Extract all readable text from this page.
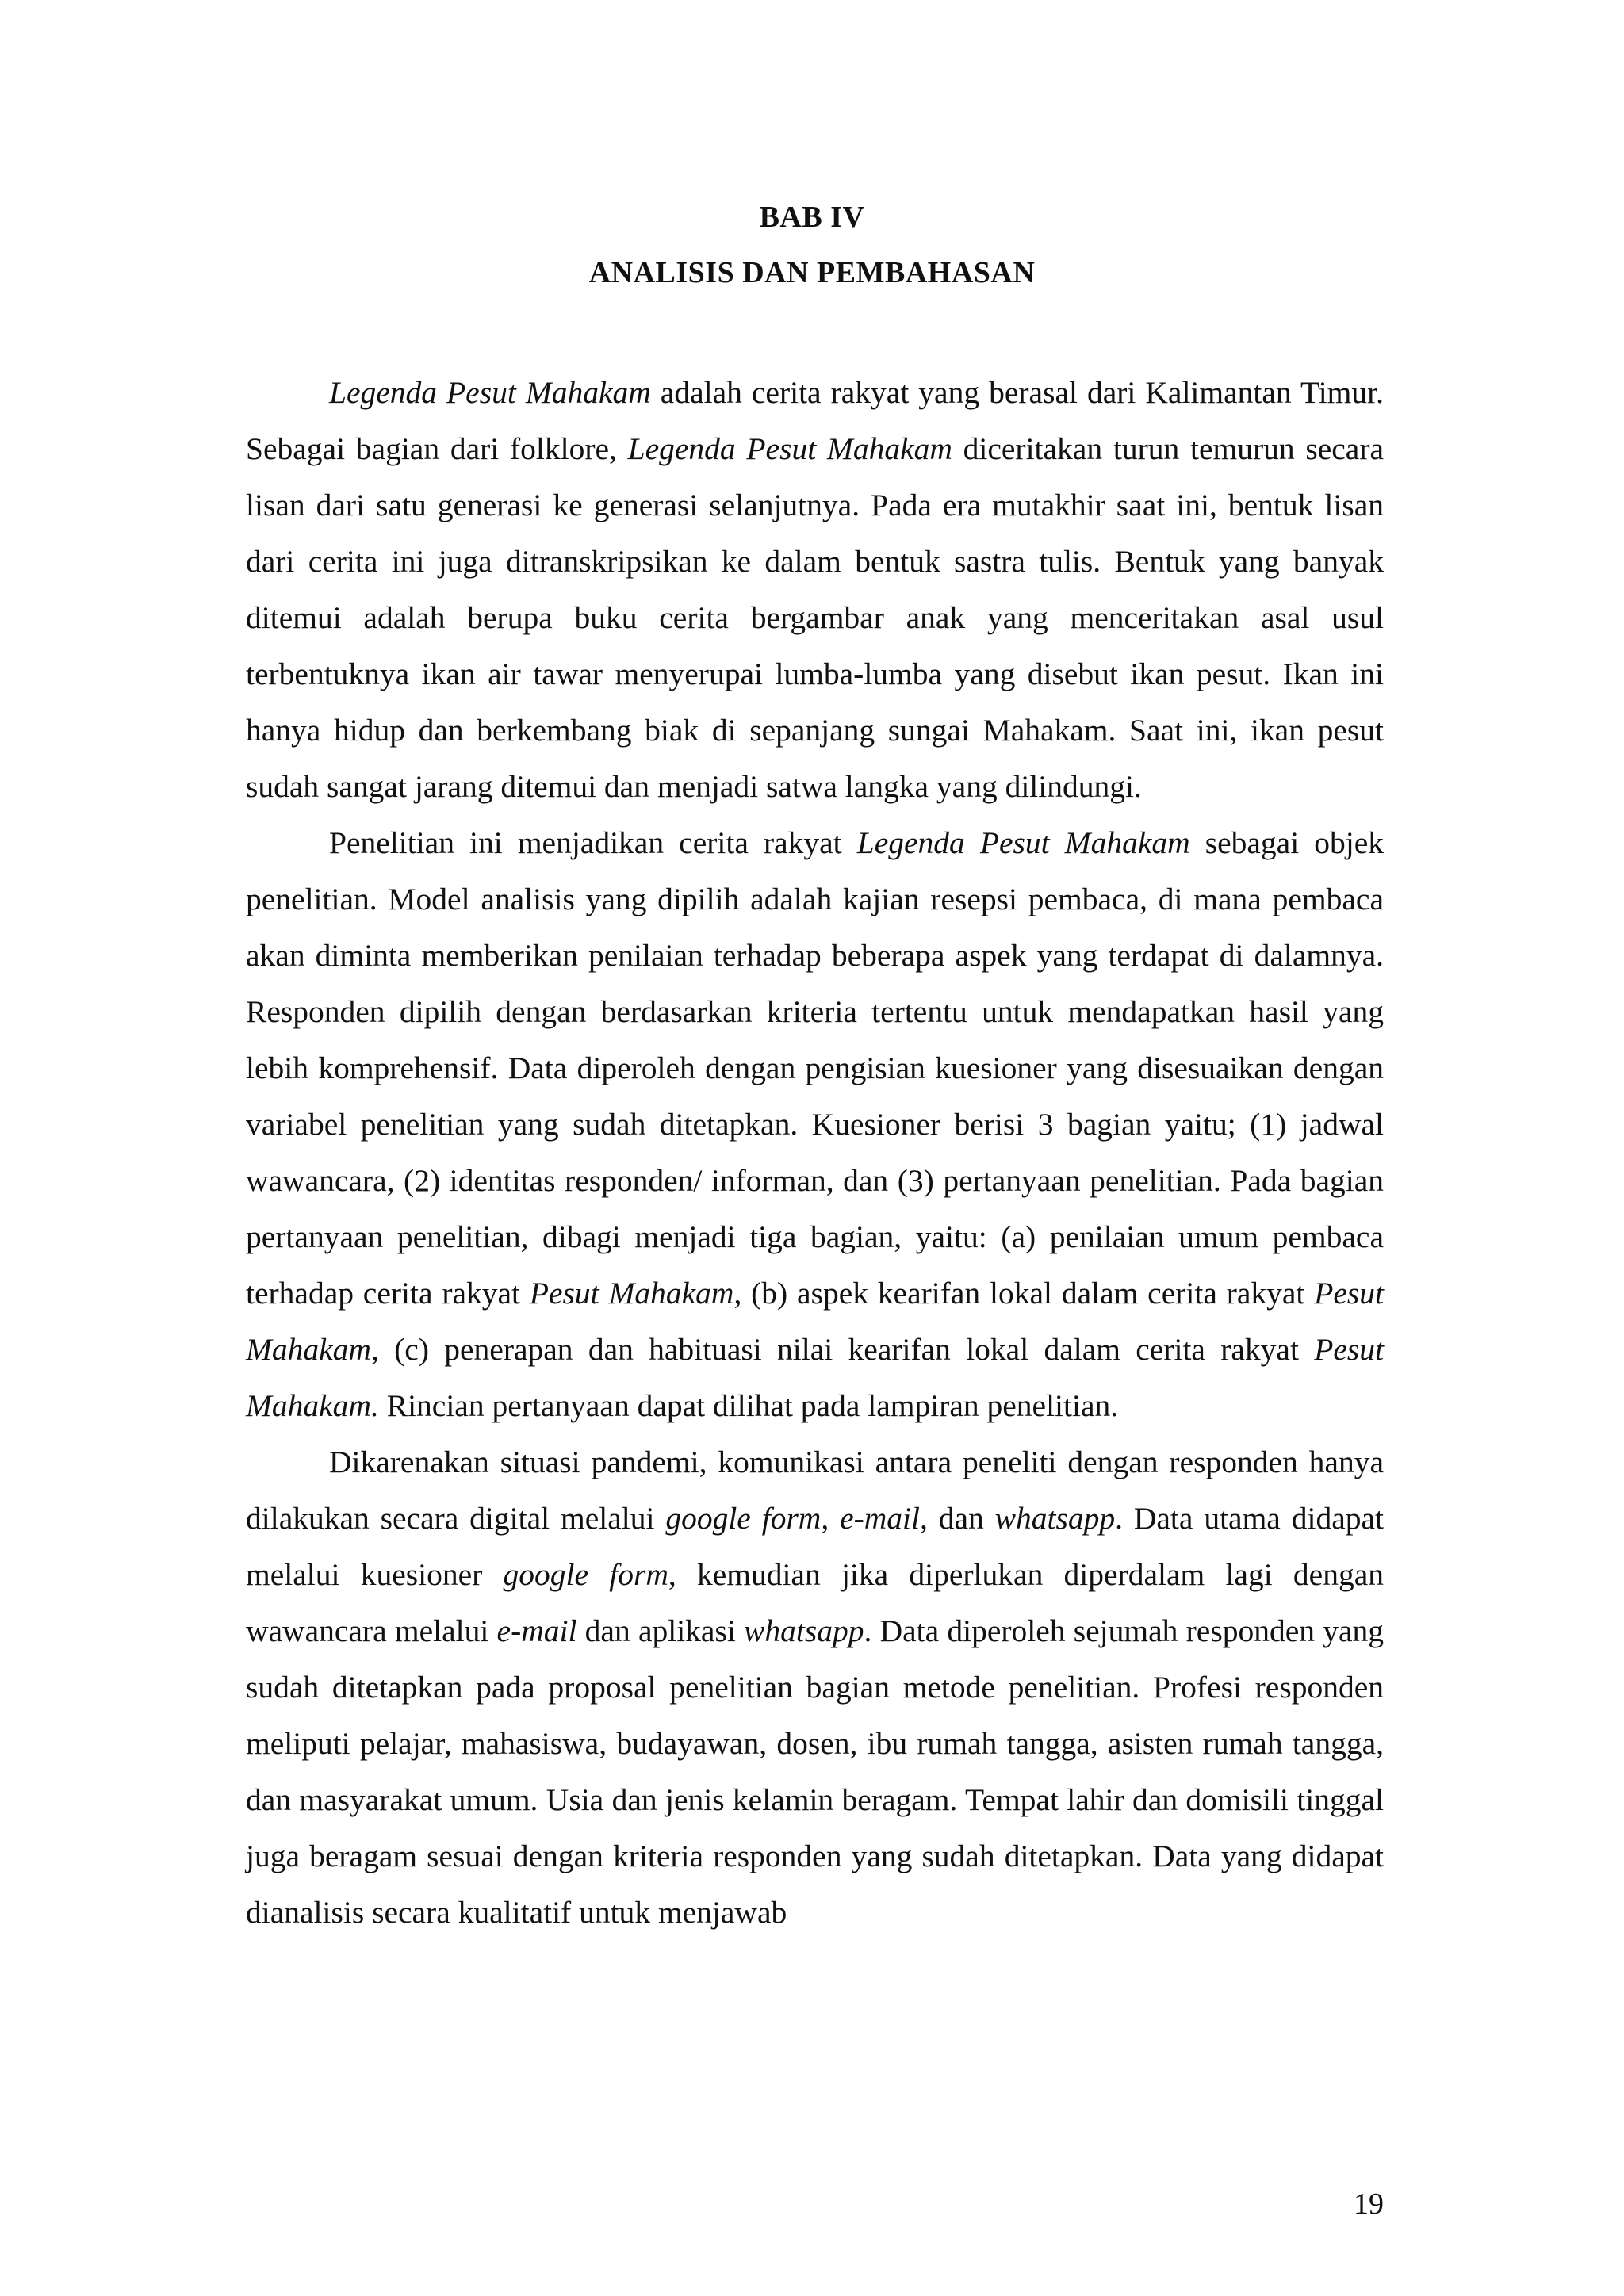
BAB IV
ANALISIS DAN PEMBAHASAN

Legenda Pesut Mahakam adalah cerita rakyat yang berasal dari Kalimantan Timur. Sebagai bagian dari folklore, Legenda Pesut Mahakam diceritakan turun temurun secara lisan dari satu generasi ke generasi selanjutnya. Pada era mutakhir saat ini, bentuk lisan dari cerita ini juga ditranskripsikan ke dalam bentuk sastra tulis. Bentuk yang banyak ditemui adalah berupa buku cerita bergambar anak yang menceritakan asal usul terbentuknya ikan air tawar menyerupai lumba-lumba yang disebut ikan pesut. Ikan ini hanya hidup dan berkembang biak di sepanjang sungai Mahakam. Saat ini, ikan pesut sudah sangat jarang ditemui dan menjadi satwa langka yang dilindungi.

Penelitian ini menjadikan cerita rakyat Legenda Pesut Mahakam sebagai objek penelitian. Model analisis yang dipilih adalah kajian resepsi pembaca, di mana pembaca akan diminta memberikan penilaian terhadap beberapa aspek yang terdapat di dalamnya. Responden dipilih dengan berdasarkan kriteria tertentu untuk mendapatkan hasil yang lebih komprehensif. Data diperoleh dengan pengisian kuesioner yang disesuaikan dengan variabel penelitian yang sudah ditetapkan. Kuesioner berisi 3 bagian yaitu; (1) jadwal wawancara, (2) identitas responden/ informan, dan (3) pertanyaan penelitian. Pada bagian pertanyaan penelitian, dibagi menjadi tiga bagian, yaitu: (a) penilaian umum pembaca terhadap cerita rakyat Pesut Mahakam, (b) aspek kearifan lokal dalam cerita rakyat Pesut Mahakam, (c) penerapan dan habituasi nilai kearifan lokal dalam cerita rakyat Pesut Mahakam. Rincian pertanyaan dapat dilihat pada lampiran penelitian.

Dikarenakan situasi pandemi, komunikasi antara peneliti dengan responden hanya dilakukan secara digital melalui google form, e-mail, dan whatsapp. Data utama didapat melalui kuesioner google form, kemudian jika diperlukan diperdalam lagi dengan wawancara melalui e-mail dan aplikasi whatsapp. Data diperoleh sejumah responden yang sudah ditetapkan pada proposal penelitian bagian metode penelitian. Profesi responden meliputi pelajar, mahasiswa, budayawan, dosen, ibu rumah tangga, asisten rumah tangga, dan masyarakat umum. Usia dan jenis kelamin beragam. Tempat lahir dan domisili tinggal juga beragam sesuai dengan kriteria responden yang sudah ditetapkan. Data yang didapat dianalisis secara kualitatif untuk menjawab

19
